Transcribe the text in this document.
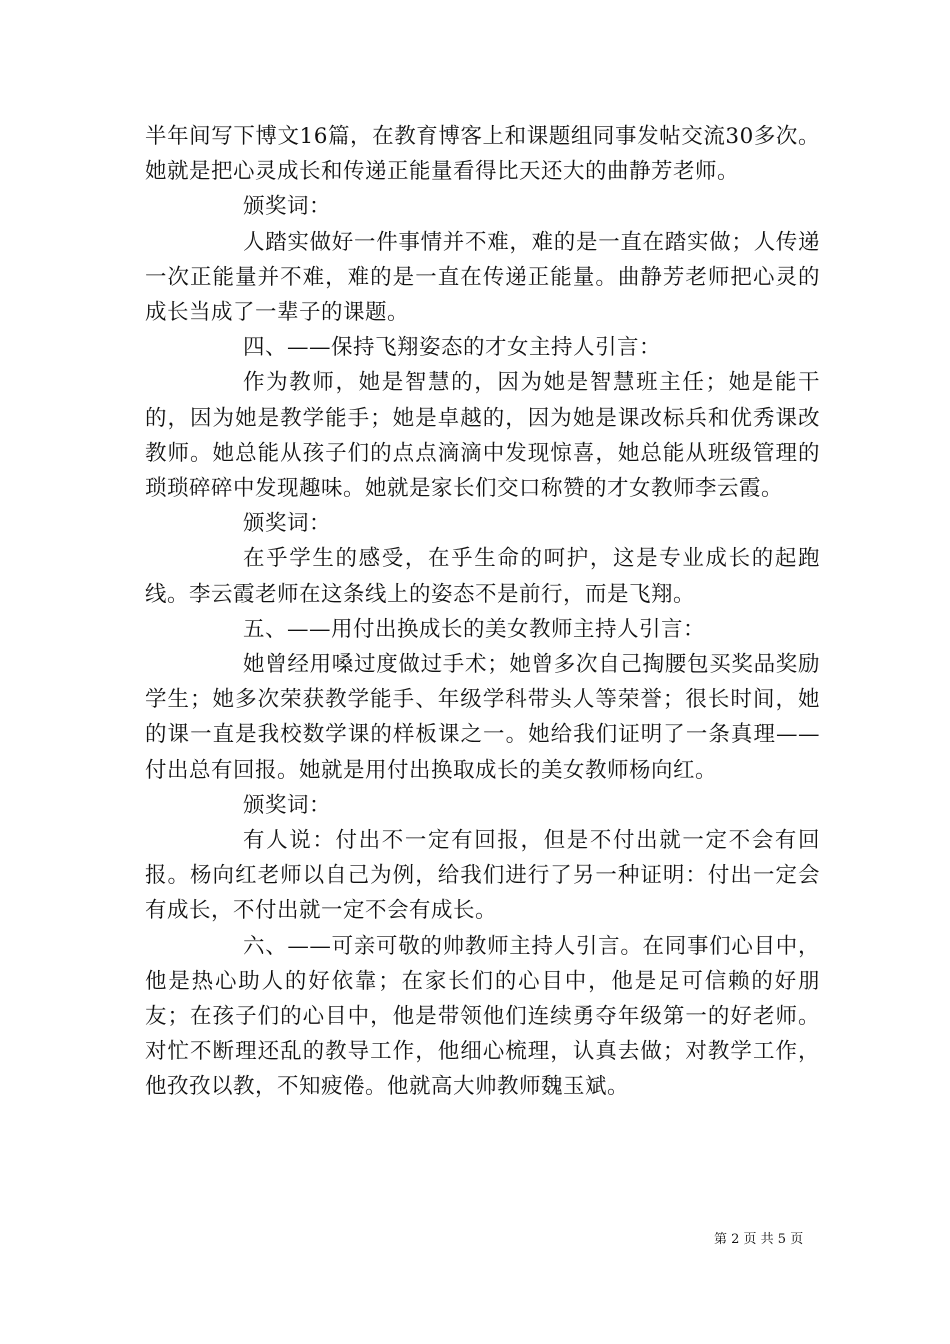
半年间写下博文16篇，在教育博客上和课题组同事发帖交流30多次。她就是把心灵成长和传递正能量看得比天还大的曲静芳老师。

颁奖词：

人踏实做好一件事情并不难，难的是一直在踏实做；人传递一次正能量并不难，难的是一直在传递正能量。曲静芳老师把心灵的成长当成了一辈子的课题。

四、——保持飞翔姿态的才女主持人引言：

作为教师，她是智慧的，因为她是智慧班主任；她是能干的，因为她是教学能手；她是卓越的，因为她是课改标兵和优秀课改教师。她总能从孩子们的点点滴滴中发现惊喜，她总能从班级管理的琐琐碎碎中发现趣味。她就是家长们交口称赞的才女教师李云霞。

颁奖词：

在乎学生的感受，在乎生命的呵护，这是专业成长的起跑线。李云霞老师在这条线上的姿态不是前行，而是飞翔。

五、——用付出换成长的美女教师主持人引言：

她曾经用嗓过度做过手术；她曾多次自己掏腰包买奖品奖励学生；她多次荣获教学能手、年级学科带头人等荣誉；很长时间，她的课一直是我校数学课的样板课之一。她给我们证明了一条真理——付出总有回报。她就是用付出换取成长的美女教师杨向红。

颁奖词：

有人说：付出不一定有回报，但是不付出就一定不会有回报。杨向红老师以自己为例，给我们进行了另一种证明：付出一定会有成长，不付出就一定不会有成长。

六、——可亲可敬的帅教师主持人引言。在同事们心目中，他是热心助人的好依靠；在家长们的心目中，他是足可信赖的好朋友；在孩子们的心目中，他是带领他们连续勇夺年级第一的好老师。对忙不断理还乱的教导工作，他细心梳理，认真去做；对教学工作，他孜孜以教，不知疲倦。他就高大帅教师魏玉斌。

第 2 页 共 5 页
